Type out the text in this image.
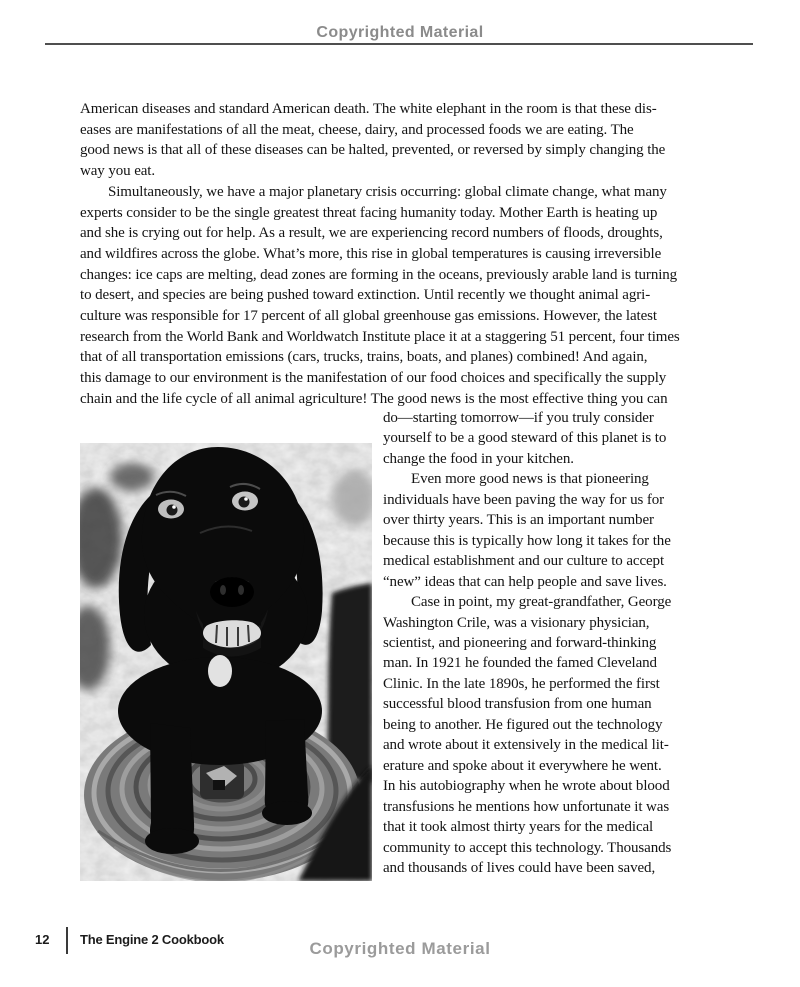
Copyrighted Material
American diseases and standard American death. The white elephant in the room is that these dis-
eases are manifestations of all the meat, cheese, dairy, and processed foods we are eating. The
good news is that all of these diseases can be halted, prevented, or reversed by simply changing the
way you eat.
Simultaneously, we have a major planetary crisis occurring: global climate change, what many
experts consider to be the single greatest threat facing humanity today. Mother Earth is heating up
and she is crying out for help. As a result, we are experiencing record numbers of floods, droughts,
and wildfires across the globe. What’s more, this rise in global temperatures is causing irreversible
changes: ice caps are melting, dead zones are forming in the oceans, previously arable land is turning
to desert, and species are being pushed toward extinction. Until recently we thought animal agri-
culture was responsible for 17 percent of all global greenhouse gas emissions. However, the latest
research from the World Bank and Worldwatch Institute place it at a staggering 51 percent, four times
that of all transportation emissions (cars, trucks, trains, boats, and planes) combined! And again,
this damage to our environment is the manifestation of our food choices and specifically the supply
chain and the life cycle of all animal agriculture! The good news is the most effective thing you can
do—starting tomorrow—if you truly consider
yourself to be a good steward of this planet is to
change the food in your kitchen.
Even more good news is that pioneering
individuals have been paving the way for us for
over thirty years. This is an important number
because this is typically how long it takes for the
medical establishment and our culture to accept
“new” ideas that can help people and save lives.
Case in point, my great-grandfather, George
Washington Crile, was a visionary physician,
scientist, and pioneering and forward-thinking
man. In 1921 he founded the famed Cleveland
Clinic. In the late 1890s, he performed the first
successful blood transfusion from one human
being to another. He figured out the technology
and wrote about it extensively in the medical lit-
erature and spoke about it everywhere he went.
In his autobiography when he wrote about blood
transfusions he mentions how unfortunate it was
that it took almost thirty years for the medical
community to accept this technology. Thousands
and thousands of lives could have been saved,
12 The Engine 2 Cookbook	Copyrighted Material
